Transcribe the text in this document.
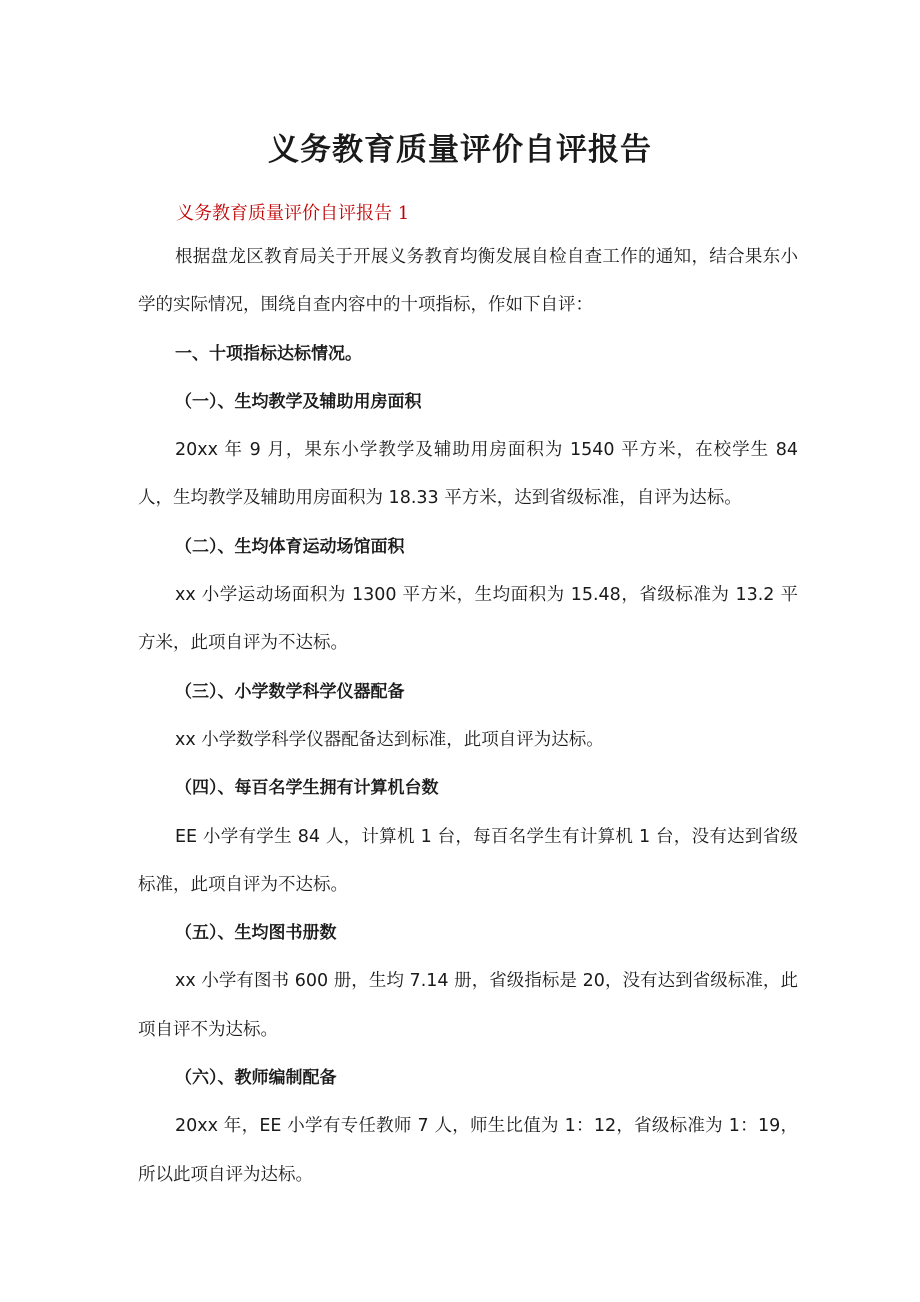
义务教育质量评价自评报告
义务教育质量评价自评报告 1

根据盘龙区教育局关于开展义务教育均衡发展自检自查工作的通知，结合果东小学的实际情况，围绕自查内容中的十项指标，作如下自评：

一、十项指标达标情况。

（一）、生均教学及辅助用房面积

20xx 年 9 月，果东小学教学及辅助用房面积为 1540 平方米，在校学生 84 人，生均教学及辅助用房面积为 18.33 平方米，达到省级标准，自评为达标。

（二）、生均体育运动场馆面积

xx 小学运动场面积为 1300 平方米，生均面积为 15.48，省级标准为 13.2 平方米，此项自评为不达标。

（三）、小学数学科学仪器配备

xx 小学数学科学仪器配备达到标准，此项自评为达标。

（四）、每百名学生拥有计算机台数

EE 小学有学生 84 人，计算机 1 台，每百名学生有计算机 1 台，没有达到省级标准，此项自评为不达标。

（五）、生均图书册数

xx 小学有图书 600 册，生均 7.14 册，省级指标是 20，没有达到省级标准，此项自评不为达标。

（六）、教师编制配备

20xx 年，EE 小学有专任教师 7 人，师生比值为 1：12，省级标准为 1：19，所以此项自评为达标。
